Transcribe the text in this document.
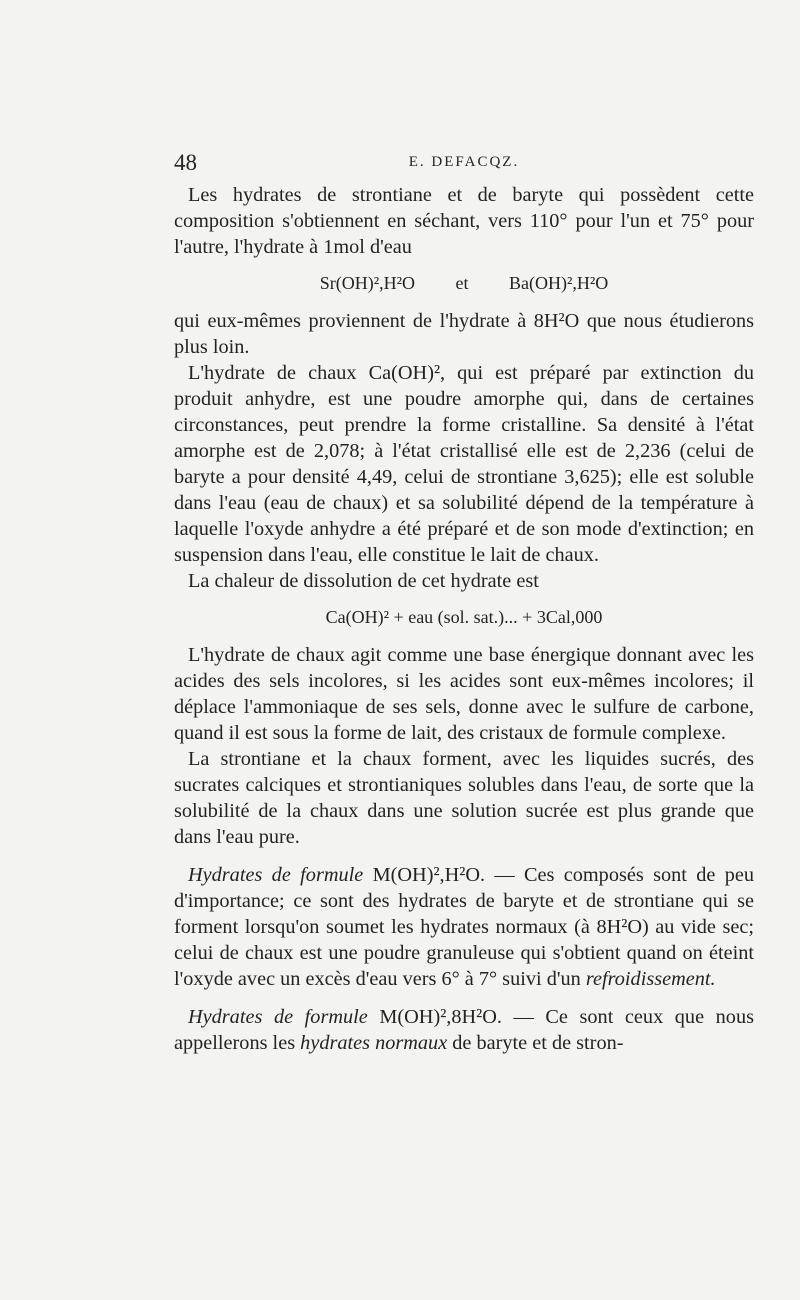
48	E. DEFACQZ.

Les hydrates de strontiane et de baryte qui possèdent cette composition s'obtiennent en séchant, vers 110° pour l'un et 75° pour l'autre, l'hydrate à 1mol d'eau

Sr(OH)²,H²O et Ba(OH)²,H²O

qui eux-mêmes proviennent de l'hydrate à 8H²O que nous étudierons plus loin.

L'hydrate de chaux Ca(OH)², qui est préparé par extinction du produit anhydre, est une poudre amorphe qui, dans de certaines circonstances, peut prendre la forme cristalline. Sa densité à l'état amorphe est de 2,078; à l'état cristallisé elle est de 2,236 (celui de baryte a pour densité 4,49, celui de strontiane 3,625); elle est soluble dans l'eau (eau de chaux) et sa solubilité dépend de la température à laquelle l'oxyde anhydre a été préparé et de son mode d'extinction; en suspension dans l'eau, elle constitue le lait de chaux.

La chaleur de dissolution de cet hydrate est

Ca(OH)² + eau (sol. sat.)... + 3Cal,000

L'hydrate de chaux agit comme une base énergique donnant avec les acides des sels incolores, si les acides sont eux-mêmes incolores; il déplace l'ammoniaque de ses sels, donne avec le sulfure de carbone, quand il est sous la forme de lait, des cristaux de formule complexe.

La strontiane et la chaux forment, avec les liquides sucrés, des sucrates calciques et strontianiques solubles dans l'eau, de sorte que la solubilité de la chaux dans une solution sucrée est plus grande que dans l'eau pure.

Hydrates de formule M(OH)²,H²O. — Ces composés sont de peu d'importance; ce sont des hydrates de baryte et de strontiane qui se forment lorsqu'on soumet les hydrates normaux (à 8H²O) au vide sec; celui de chaux est une poudre granuleuse qui s'obtient quand on éteint l'oxyde avec un excès d'eau vers 6° à 7° suivi d'un refroidissement.

Hydrates de formule M(OH)²,8H²O. — Ce sont ceux que nous appellerons les hydrates normaux de baryte et de stron-
